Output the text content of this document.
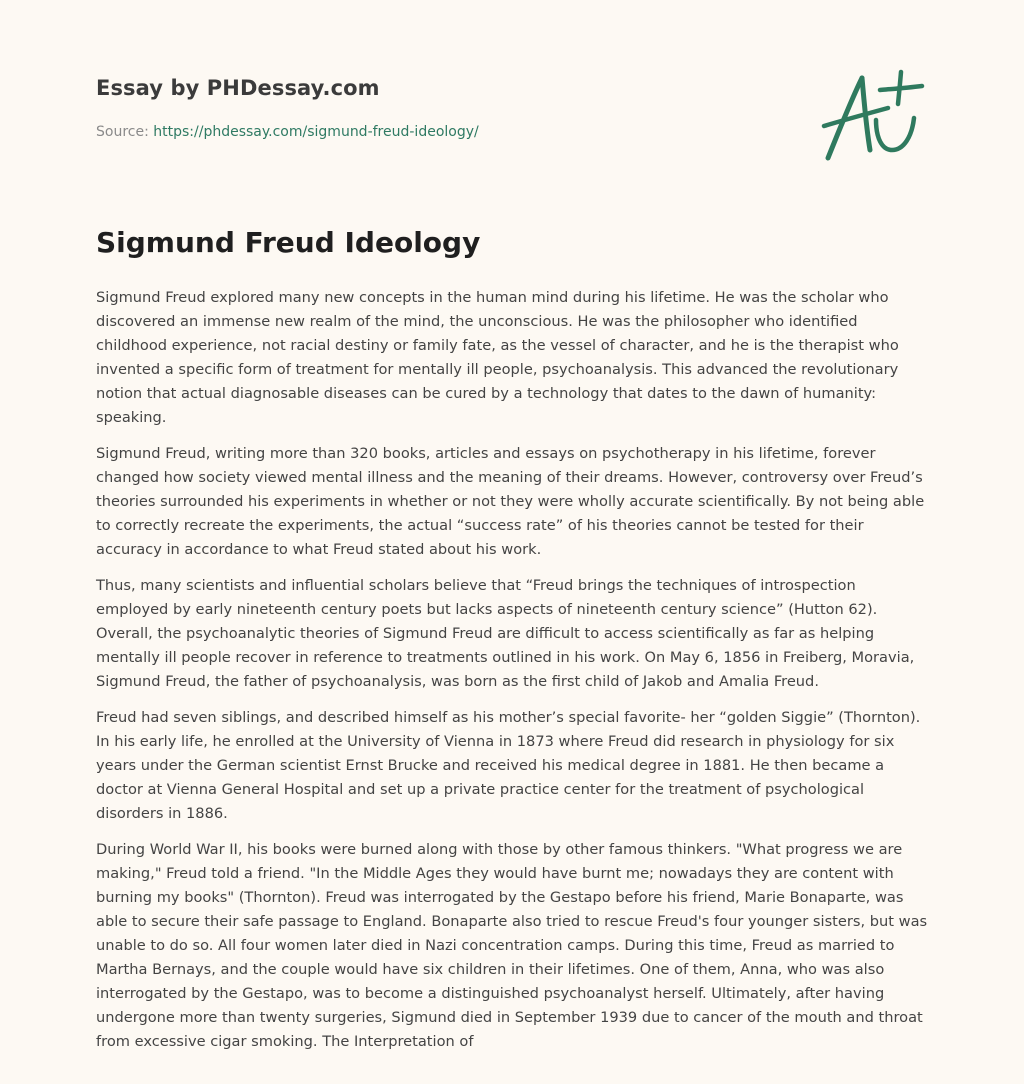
Essay by PHDessay.com
Source: https://phdessay.com/sigmund-freud-ideology/
Sigmund Freud Ideology

Sigmund Freud explored many new concepts in the human mind during his lifetime. He was the scholar who discovered an immense new realm of the mind, the unconscious. He was the philosopher who identified childhood experience, not racial destiny or family fate, as the vessel of character, and he is the therapist who invented a specific form of treatment for mentally ill people, psychoanalysis. This advanced the revolutionary notion that actual diagnosable diseases can be cured by a technology that dates to the dawn of humanity: speaking.

Sigmund Freud, writing more than 320 books, articles and essays on psychotherapy in his lifetime, forever changed how society viewed mental illness and the meaning of their dreams. However, controversy over Freud’s theories surrounded his experiments in whether or not they were wholly accurate scientifically. By not being able to correctly recreate the experiments, the actual “success rate” of his theories cannot be tested for their accuracy in accordance to what Freud stated about his work.

Thus, many scientists and influential scholars believe that “Freud brings the techniques of introspection employed by early nineteenth century poets but lacks aspects of nineteenth century science” (Hutton 62). Overall, the psychoanalytic theories of Sigmund Freud are difficult to access scientifically as far as helping mentally ill people recover in reference to treatments outlined in his work. On May 6, 1856 in Freiberg, Moravia, Sigmund Freud, the father of psychoanalysis, was born as the first child of Jakob and Amalia Freud.

Freud had seven siblings, and described himself as his mother’s special favorite- her “golden Siggie” (Thornton). In his early life, he enrolled at the University of Vienna in 1873 where Freud did research in physiology for six years under the German scientist Ernst Brucke and received his medical degree in 1881. He then became a doctor at Vienna General Hospital and set up a private practice center for the treatment of psychological disorders in 1886.

During World War II, his books were burned along with those by other famous thinkers. "What progress we are making," Freud told a friend. "In the Middle Ages they would have burnt me; nowadays they are content with burning my books" (Thornton). Freud was interrogated by the Gestapo before his friend, Marie Bonaparte, was able to secure their safe passage to England. Bonaparte also tried to rescue Freud's four younger sisters, but was unable to do so. All four women later died in Nazi concentration camps. During this time, Freud as married to Martha Bernays, and the couple would have six children in their lifetimes. One of them, Anna, who was also interrogated by the Gestapo, was to become a distinguished psychoanalyst herself. Ultimately, after having undergone more than twenty surgeries, Sigmund died in September 1939 due to cancer of the mouth and throat from excessive cigar smoking. The Interpretation of
